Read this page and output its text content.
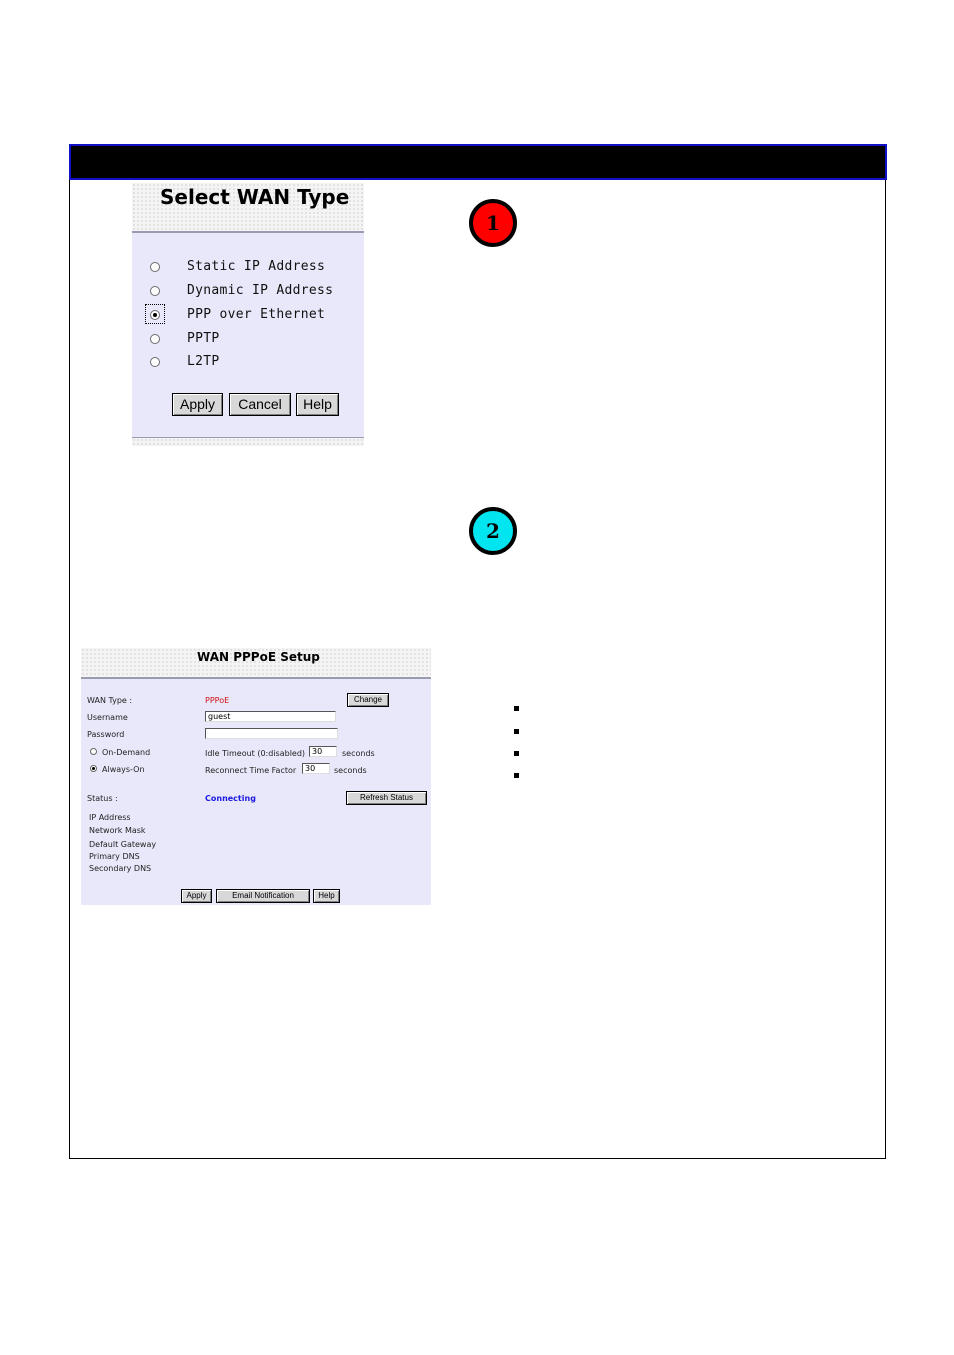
Select WAN Type
Static IP Address
Dynamic IP Address
PPP over Ethernet
PPTP
L2TP
Apply	Cancel	Help
1
2
WAN PPPoE Setup
WAN Type :	PPPoE	Change
Username	guest
Password
On-Demand	Idle Timeout (0:disabled) 30	seconds
Always-On	Reconnect Time Factor	30	seconds
Status :	Connecting	Refresh Status
IP Address
Network Mask
Default Gateway
Primary DNS
Secondary DNS
Apply	Email Notification	Help
